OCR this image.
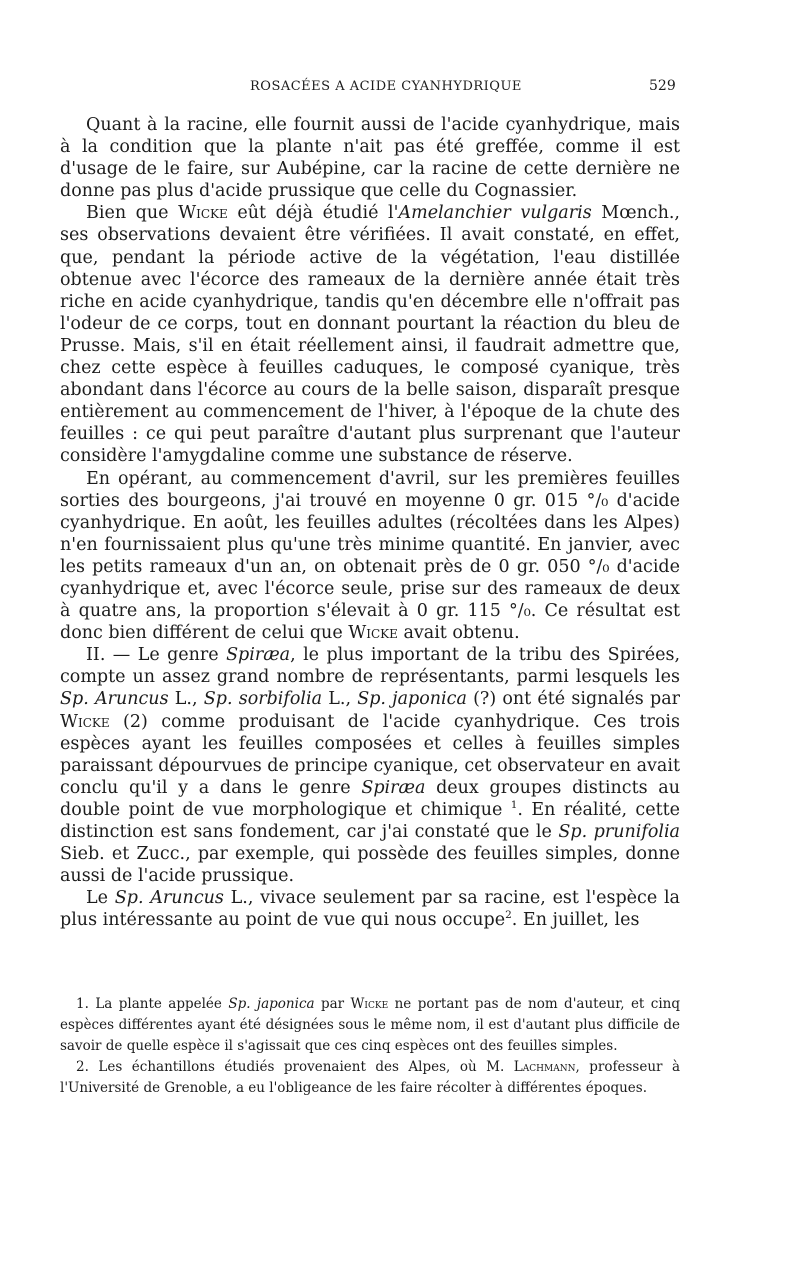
ROSACÉES A ACIDE CYANHYDRIQUE	529

Quant à la racine, elle fournit aussi de l'acide cyanhydrique, mais à la condition que la plante n'ait pas été greffée, comme il est d'usage de le faire, sur Aubépine, car la racine de cette dernière ne donne pas plus d'acide prussique que celle du Cognassier.

Bien que Wicke eût déjà étudié l'Amelanchier vulgaris Mœnch., ses observations devaient être vérifiées. Il avait constaté, en effet, que, pendant la période active de la végétation, l'eau distillée obtenue avec l'écorce des rameaux de la dernière année était très riche en acide cyanhydrique, tandis qu'en décembre elle n'offrait pas l'odeur de ce corps, tout en donnant pourtant la réaction du bleu de Prusse. Mais, s'il en était réellement ainsi, il faudrait admettre que, chez cette espèce à feuilles caduques, le composé cyanique, très abondant dans l'écorce au cours de la belle saison, disparaît presque entièrement au commencement de l'hiver, à l'époque de la chute des feuilles : ce qui peut paraître d'autant plus surprenant que l'auteur considère l'amygdaline comme une substance de réserve.

En opérant, au commencement d'avril, sur les premières feuilles sorties des bourgeons, j'ai trouvé en moyenne 0 gr. 015 °/₀ d'acide cyanhydrique. En août, les feuilles adultes (récoltées dans les Alpes) n'en fournissaient plus qu'une très minime quantité. En janvier, avec les petits rameaux d'un an, on obtenait près de 0 gr. 050 °/₀ d'acide cyanhydrique et, avec l'écorce seule, prise sur des rameaux de deux à quatre ans, la proportion s'élevait à 0 gr. 115 °/₀. Ce résultat est donc bien différent de celui que Wicke avait obtenu.

II. — Le genre Spiræa, le plus important de la tribu des Spirées, compte un assez grand nombre de représentants, parmi lesquels les Sp. Aruncus L., Sp. sorbifolia L., Sp. japonica (?) ont été signalés par Wicke (2) comme produisant de l'acide cyanhydrique. Ces trois espèces ayant les feuilles composées et celles à feuilles simples paraissant dépourvues de principe cyanique, cet observateur en avait conclu qu'il y a dans le genre Spiræa deux groupes distincts au double point de vue morphologique et chimique $^1$. En réalité, cette distinction est sans fondement, car j'ai constaté que le Sp. prunifolia Sieb. et Zucc., par exemple, qui possède des feuilles simples, donne aussi de l'acide prussique.

Le Sp. Aruncus L., vivace seulement par sa racine, est l'espèce la plus intéressante au point de vue qui nous occupe$^2$. En juillet, les

1. La plante appelée Sp. japonica par Wicke ne portant pas de nom d'auteur, et cinq espèces différentes ayant été désignées sous le même nom, il est d'autant plus difficile de savoir de quelle espèce il s'agissait que ces cinq espèces ont des feuilles simples.

2. Les échantillons étudiés provenaient des Alpes, où M. Lachmann, professeur à l'Université de Grenoble, a eu l'obligeance de les faire récolter à différentes époques.
